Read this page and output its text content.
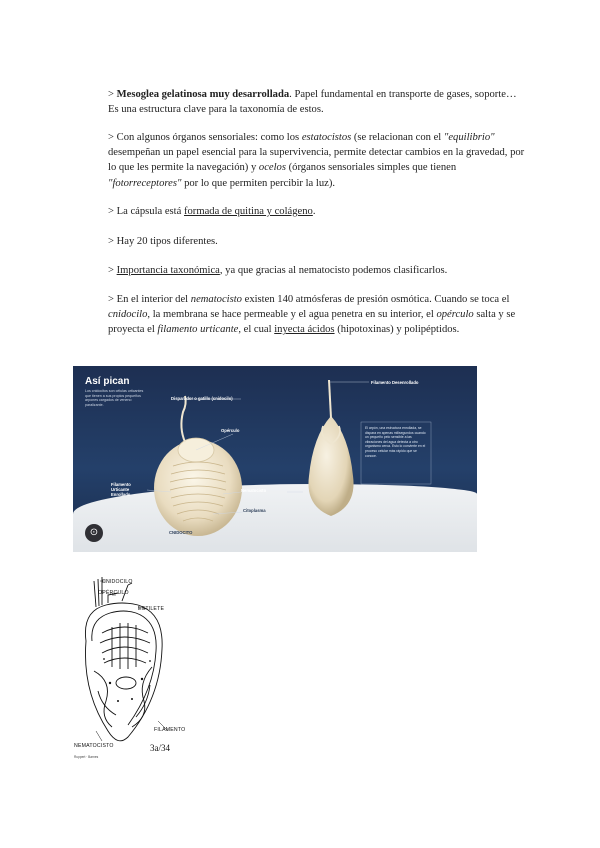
> Mesoglea gelatinosa muy desarrollada. Papel fundamental en transporte de gases, soporte… Es una estructura clave para la taxonomía de estos.

> Con algunos órganos sensoriales: como los estatocistos (se relacionan con el "equilibrio" desempeñan un papel esencial para la supervivencia, permite detectar cambios en la gravedad, por lo que les permite la navegación) y ocelos (órganos sensoriales simples que tienen "fotorreceptores" por lo que permiten percibir la luz).

> La cápsula está formada de quitina y colágeno.

> Hay 20 tipos diferentes.

> Importancia taxonómica, ya que gracias al nematocisto podemos clasificarlos.

> En el interior del nematocisto existen 140 atmósferas de presión osmótica. Cuando se toca el cnidocilo, la membrana se hace permeable y el agua penetra en su interior, el opérculo salta y se proyecta el filamento urticante, el cual inyecta ácidos (hipotoxinas) y polipéptidos.

Así pican
Los cnidocitos son células urticantes que tienen a sus propios pequeños arpones cargados de veneno paralizante.
Disparador o gatillo (cnidocilo)
Opérculo
Filamento Urticante Enrollado
Nematocisto
Citoplasma
CNIDOCITO
Filamento Desenrollado
El arpón, una estructura enrollada, se dispara en apenas milisegundos cuando un pequeño pelo sensible a las vibraciones del agua detecta a otro organismo cerca. Esto lo convierte en el proceso celular más rápido que se conoce.
⊙
CNIDOCILO
OPÉRCULO
ESTILETE
FILAMENTO
NEMATOCISTO	3a/34
Ruppert · Barnes
